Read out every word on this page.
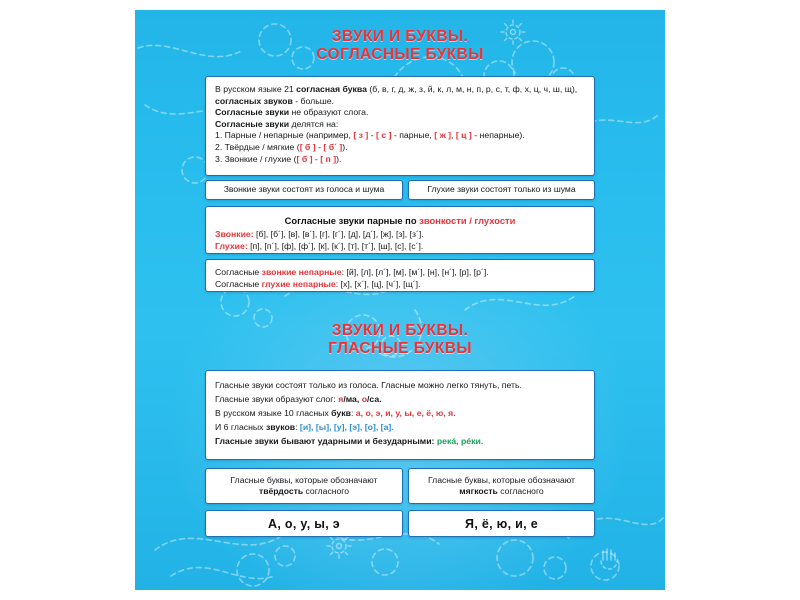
ЗВУКИ И БУКВЫ.
СОГЛАСНЫЕ БУКВЫ
В русском языке 21 согласная буква (б, в, г, д, ж, з, й, к, л, м, н, п, р, с, т, ф, х, ц, ч, ш, щ),
согласных звуков - больше.
Согласные звуки не образуют слога.
Согласные звуки делятся на:
1. Парные / непарные (например, [ з ] - [ с ] - парные, [ ж ], [ ц ] - непарные).
2. Твёрдые / мягкие ([ б ] - [ б´ ]).
3. Звонкие / глухие ([ б ] - [ п ]).
Звонкие звуки состоят из голоса и шума	Глухие звуки состоят только из шума
Согласные звуки парные по звонкости / глухости
Звонкие: [б], [б´], [в], [в´], [г], [г´], [д], [д´], [ж], [з], [з´].
Глухие: [п], [п´], [ф], [ф´], [к], [к´], [т], [т´], [ш], [с], [с´].
Согласные звонкие непарные: [й], [л], [л´], [м], [м´], [н], [н´], [р], [р´].
Согласные глухие непарные: [х], [х´], [ц], [ч´], [щ´].
ЗВУКИ И БУКВЫ.
ГЛАСНЫЕ БУКВЫ
Гласные звуки состоят только из голоса. Гласные можно легко тянуть, петь.
Гласные звуки образуют слог: я/ма, о/са.
В русском языке 10 гласных букв: а, о, э, и, у, ы, е, ё, ю, я.
И 6 гласных звуков: [и], [ы], [у], [э], [о], [а].
Гласные звуки бывают ударными и безударными: рекá, рéки.
Гласные буквы, которые обозначают
твёрдость согласного
Гласные буквы, которые обозначают
мягкость согласного
А, о, у, ы, э	Я, ё, ю, и, е
